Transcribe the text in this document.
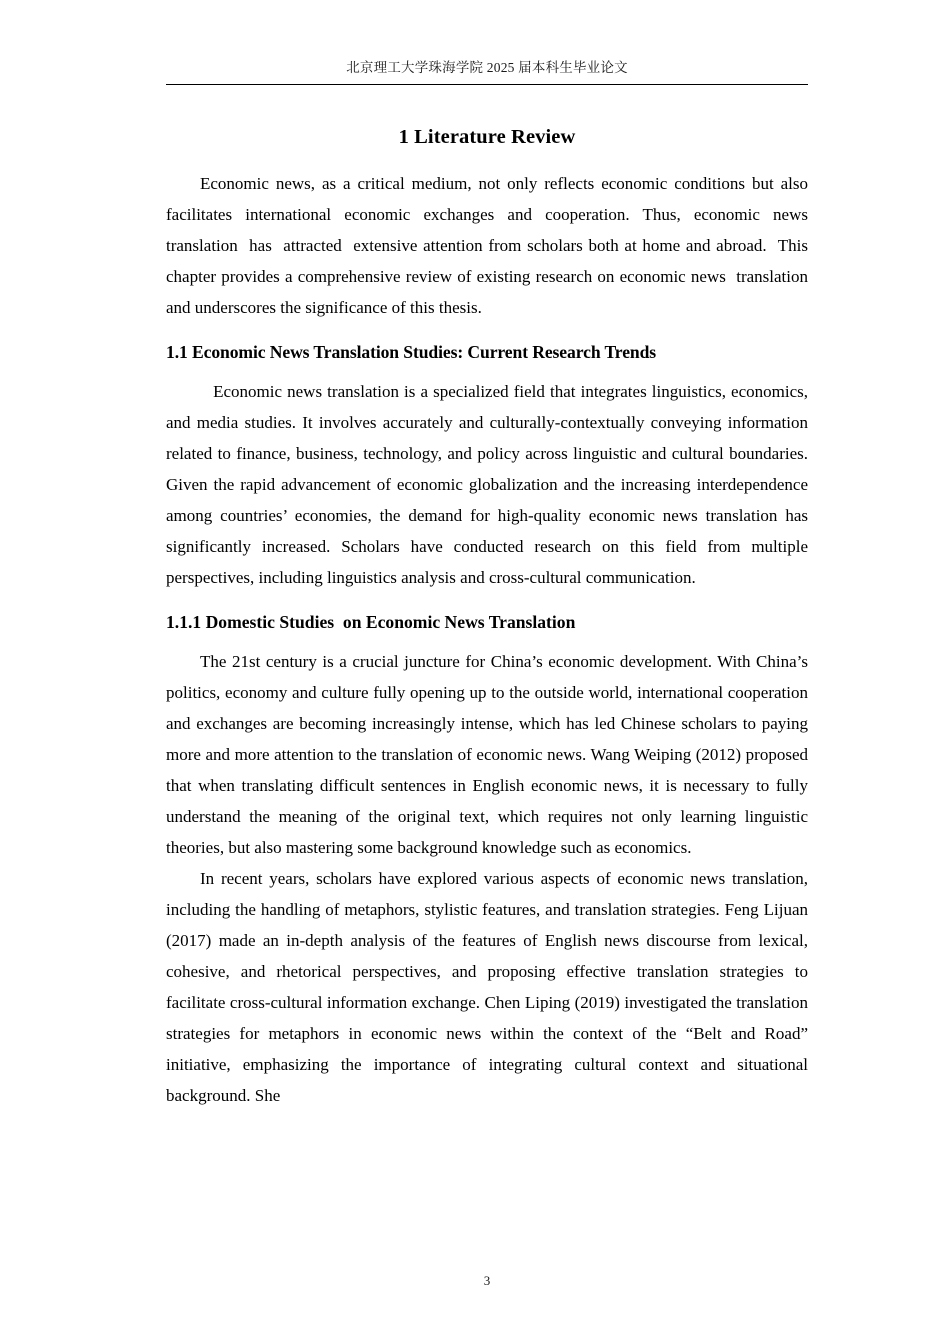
北京理工大学珠海学院 2025 届本科生毕业论文
1 Literature Review

Economic news, as a critical medium, not only reflects economic conditions but also facilitates international economic exchanges and cooperation. Thus, economic news translation  has  attracted  extensive attention from scholars both at home and abroad.  This chapter provides a comprehensive review of existing research on economic news  translation and underscores the significance of this thesis.

1.1 Economic News Translation Studies: Current Research Trends

Economic news translation is a specialized field that integrates linguistics, economics, and media studies. It involves accurately and culturally-contextually conveying information related to finance, business, technology, and policy across linguistic and cultural boundaries. Given the rapid advancement of economic globalization and the increasing interdependence among countries’ economies, the demand for high-quality economic news translation has significantly increased. Scholars have conducted research on this field from multiple perspectives, including linguistics analysis and cross-cultural communication.

1.1.1 Domestic Studies  on Economic News Translation

The 21st century is a crucial juncture for China’s economic development. With China’s politics, economy and culture fully opening up to the outside world, international cooperation and exchanges are becoming increasingly intense, which has led Chinese scholars to paying more and more attention to the translation of economic news. Wang Weiping (2012) proposed that when translating difficult sentences in English economic news, it is necessary to fully understand the meaning of the original text, which requires not only learning linguistic theories, but also mastering some background knowledge such as economics.

In recent years, scholars have explored various aspects of economic news translation, including the handling of metaphors, stylistic features, and translation strategies. Feng Lijuan (2017) made an in-depth analysis of the features of English news discourse from lexical, cohesive, and rhetorical perspectives, and proposing effective translation strategies to facilitate cross-cultural information exchange. Chen Liping (2019) investigated the translation strategies for metaphors in economic news within the context of the “Belt and Road” initiative, emphasizing the importance of integrating cultural context and situational background. She

3
